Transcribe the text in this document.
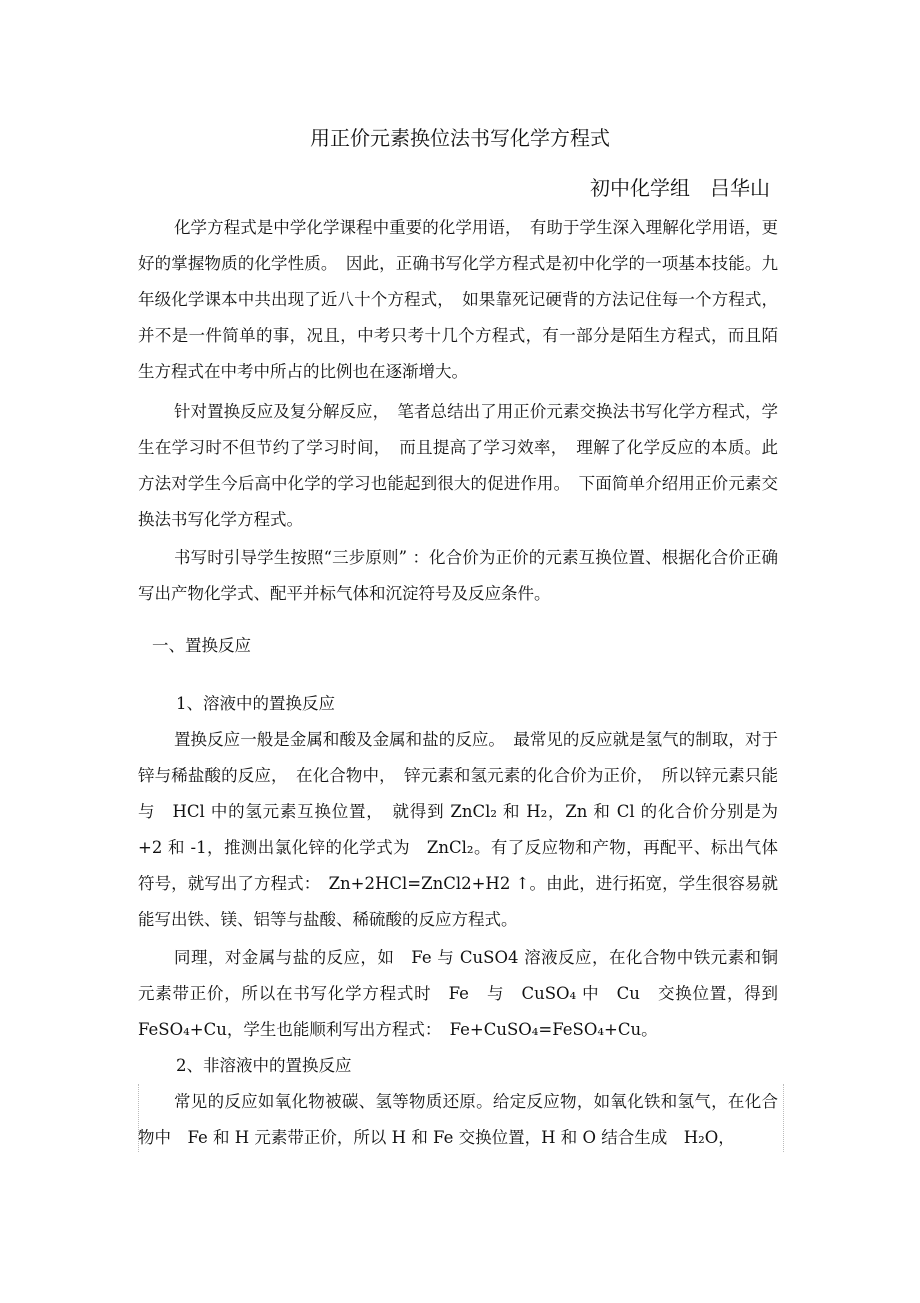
用正价元素换位法书写化学方程式
初中化学组 吕华山
化学方程式是中学化学课程中重要的化学用语，　有助于学生深入理解化学用语，更好的掌握物质的化学性质。　因此，正确书写化学方程式是初中化学的一项基本技能。九年级化学课本中共出现了近八十个方程式，　如果靠死记硬背的方法记住每一个方程式，并不是一件简单的事，况且，中考只考十几个方程式，有一部分是陌生方程式，而且陌生方程式在中考中所占的比例也在逐渐增大。
针对置换反应及复分解反应，　笔者总结出了用正价元素交换法书写化学方程式，学生在学习时不但节约了学习时间，　而且提高了学习效率，　理解了化学反应的本质。此方法对学生今后高中化学的学习也能起到很大的促进作用。　下面简单介绍用正价元素交换法书写化学方程式。
书写时引导学生按照“三步原则” ：化合价为正价的元素互换位置、根据化合价正确写出产物化学式、配平并标气体和沉淀符号及反应条件。
一、置换反应
1、溶液中的置换反应
置换反应一般是金属和酸及金属和盐的反应。　最常见的反应就是氢气的制取，对于锌与稀盐酸的反应，　在化合物中，　锌元素和氢元素的化合价为正价，　所以锌元素只能与　HCl 中的氢元素互换位置，　就得到 ZnCl₂ 和 H₂，Zn 和 Cl 的化合价分别是为 +2 和 -1，推测出氯化锌的化学式为　ZnCl₂。有了反应物和产物，再配平、标出气体符号，就写出了方程式：　Zn+2HCl=ZnCl2+H2 ↑。由此，进行拓宽，学生很容易就能写出铁、镁、铝等与盐酸、稀硫酸的反应方程式。
同理，对金属与盐的反应，如　Fe 与 CuSO4 溶液反应，在化合物中铁元素和铜元素带正价，所以在书写化学方程式时　Fe　与　CuSO₄ 中　Cu　交换位置，得到FeSO₄+Cu，学生也能顺利写出方程式：　Fe+CuSO₄=FeSO₄+Cu。
2、非溶液中的置换反应
常见的反应如氧化物被碳、氢等物质还原。给定反应物，如氧化铁和氢气，在化合物中　Fe 和 H 元素带正价，所以 H 和 Fe 交换位置，H 和 O 结合生成　H₂O，
